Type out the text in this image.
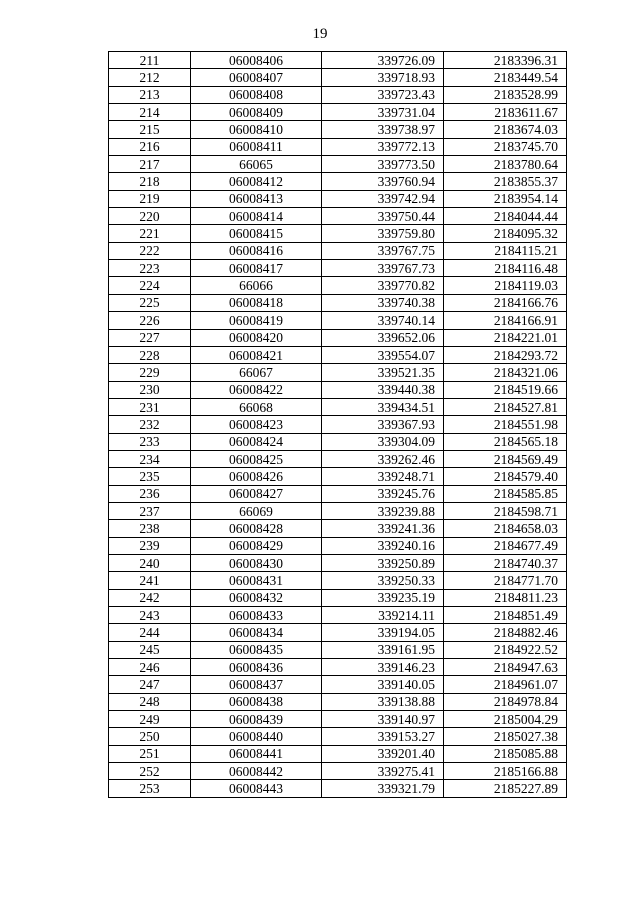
19
211	06008406	339726.09	2183396.31
212	06008407	339718.93	2183449.54
213	06008408	339723.43	2183528.99
214	06008409	339731.04	2183611.67
215	06008410	339738.97	2183674.03
216	06008411	339772.13	2183745.70
217	66065	339773.50	2183780.64
218	06008412	339760.94	2183855.37
219	06008413	339742.94	2183954.14
220	06008414	339750.44	2184044.44
221	06008415	339759.80	2184095.32
222	06008416	339767.75	2184115.21
223	06008417	339767.73	2184116.48
224	66066	339770.82	2184119.03
225	06008418	339740.38	2184166.76
226	06008419	339740.14	2184166.91
227	06008420	339652.06	2184221.01
228	06008421	339554.07	2184293.72
229	66067	339521.35	2184321.06
230	06008422	339440.38	2184519.66
231	66068	339434.51	2184527.81
232	06008423	339367.93	2184551.98
233	06008424	339304.09	2184565.18
234	06008425	339262.46	2184569.49
235	06008426	339248.71	2184579.40
236	06008427	339245.76	2184585.85
237	66069	339239.88	2184598.71
238	06008428	339241.36	2184658.03
239	06008429	339240.16	2184677.49
240	06008430	339250.89	2184740.37
241	06008431	339250.33	2184771.70
242	06008432	339235.19	2184811.23
243	06008433	339214.11	2184851.49
244	06008434	339194.05	2184882.46
245	06008435	339161.95	2184922.52
246	06008436	339146.23	2184947.63
247	06008437	339140.05	2184961.07
248	06008438	339138.88	2184978.84
249	06008439	339140.97	2185004.29
250	06008440	339153.27	2185027.38
251	06008441	339201.40	2185085.88
252	06008442	339275.41	2185166.88
253	06008443	339321.79	2185227.89
